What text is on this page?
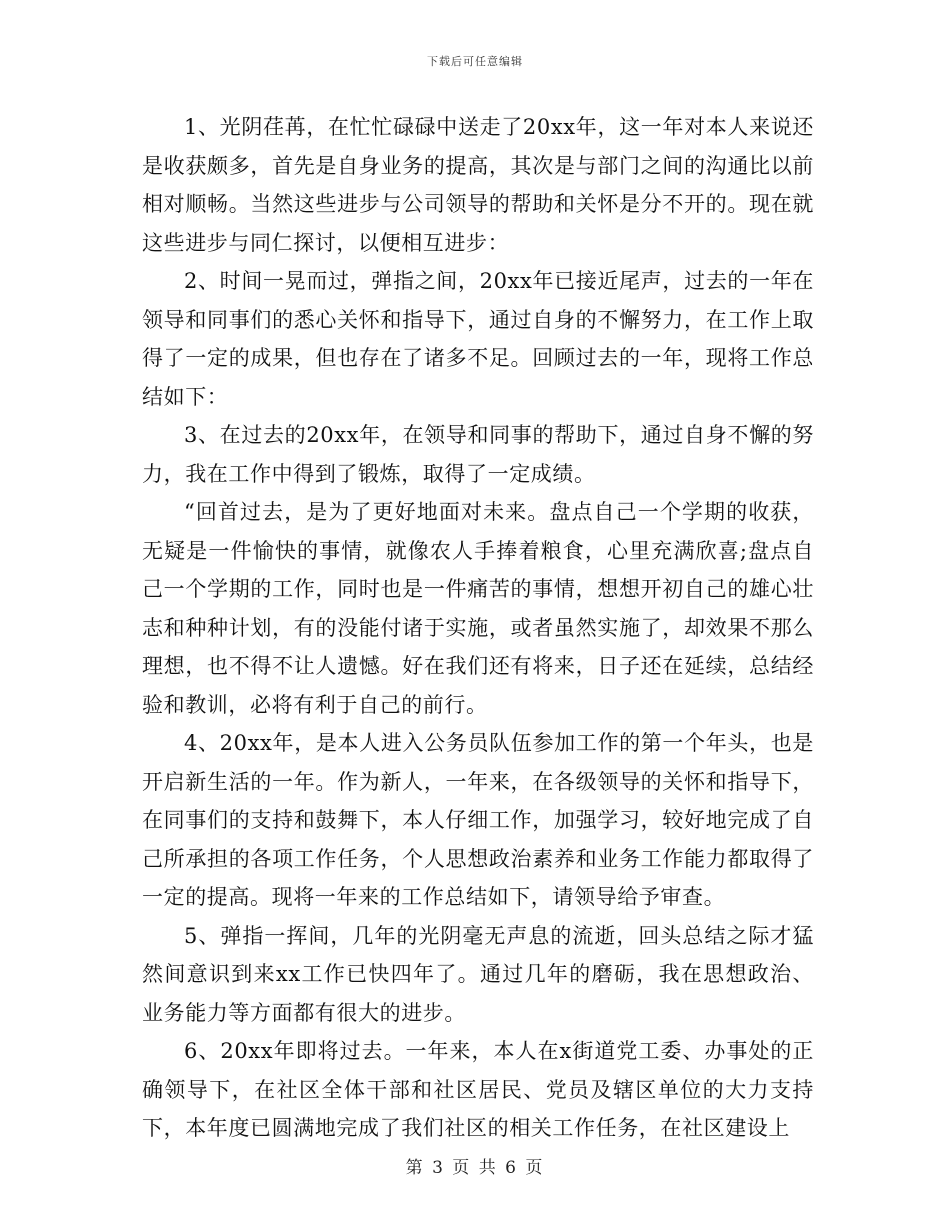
下载后可任意编辑

1、光阴荏苒，在忙忙碌碌中送走了20xx年，这一年对本人来说还是收获颇多，首先是自身业务的提高，其次是与部门之间的沟通比以前相对顺畅。当然这些进步与公司领导的帮助和关怀是分不开的。现在就这些进步与同仁探讨，以便相互进步：

2、时间一晃而过，弹指之间，20xx年已接近尾声，过去的一年在领导和同事们的悉心关怀和指导下，通过自身的不懈努力，在工作上取得了一定的成果，但也存在了诸多不足。回顾过去的一年，现将工作总结如下：

3、在过去的20xx年，在领导和同事的帮助下，通过自身不懈的努力，我在工作中得到了锻炼，取得了一定成绩。

“回首过去，是为了更好地面对未来。盘点自己一个学期的收获，无疑是一件愉快的事情，就像农人手捧着粮食，心里充满欣喜;盘点自己一个学期的工作，同时也是一件痛苦的事情，想想开初自己的雄心壮志和种种计划，有的没能付诸于实施，或者虽然实施了，却效果不那么理想，也不得不让人遗憾。好在我们还有将来，日子还在延续，总结经验和教训，必将有利于自己的前行。

4、20xx年，是本人进入公务员队伍参加工作的第一个年头，也是开启新生活的一年。作为新人，一年来，在各级领导的关怀和指导下，在同事们的支持和鼓舞下，本人仔细工作，加强学习，较好地完成了自己所承担的各项工作任务，个人思想政治素养和业务工作能力都取得了一定的提高。现将一年来的工作总结如下，请领导给予审查。

5、弹指一挥间，几年的光阴毫无声息的流逝，回头总结之际才猛然间意识到来xx工作已快四年了。通过几年的磨砺，我在思想政治、业务能力等方面都有很大的进步。

6、20xx年即将过去。一年来，本人在x街道党工委、办事处的正确领导下，在社区全体干部和社区居民、党员及辖区单位的大力支持下，本年度已圆满地完成了我们社区的相关工作任务，在社区建设上

第 3 页 共 6 页
